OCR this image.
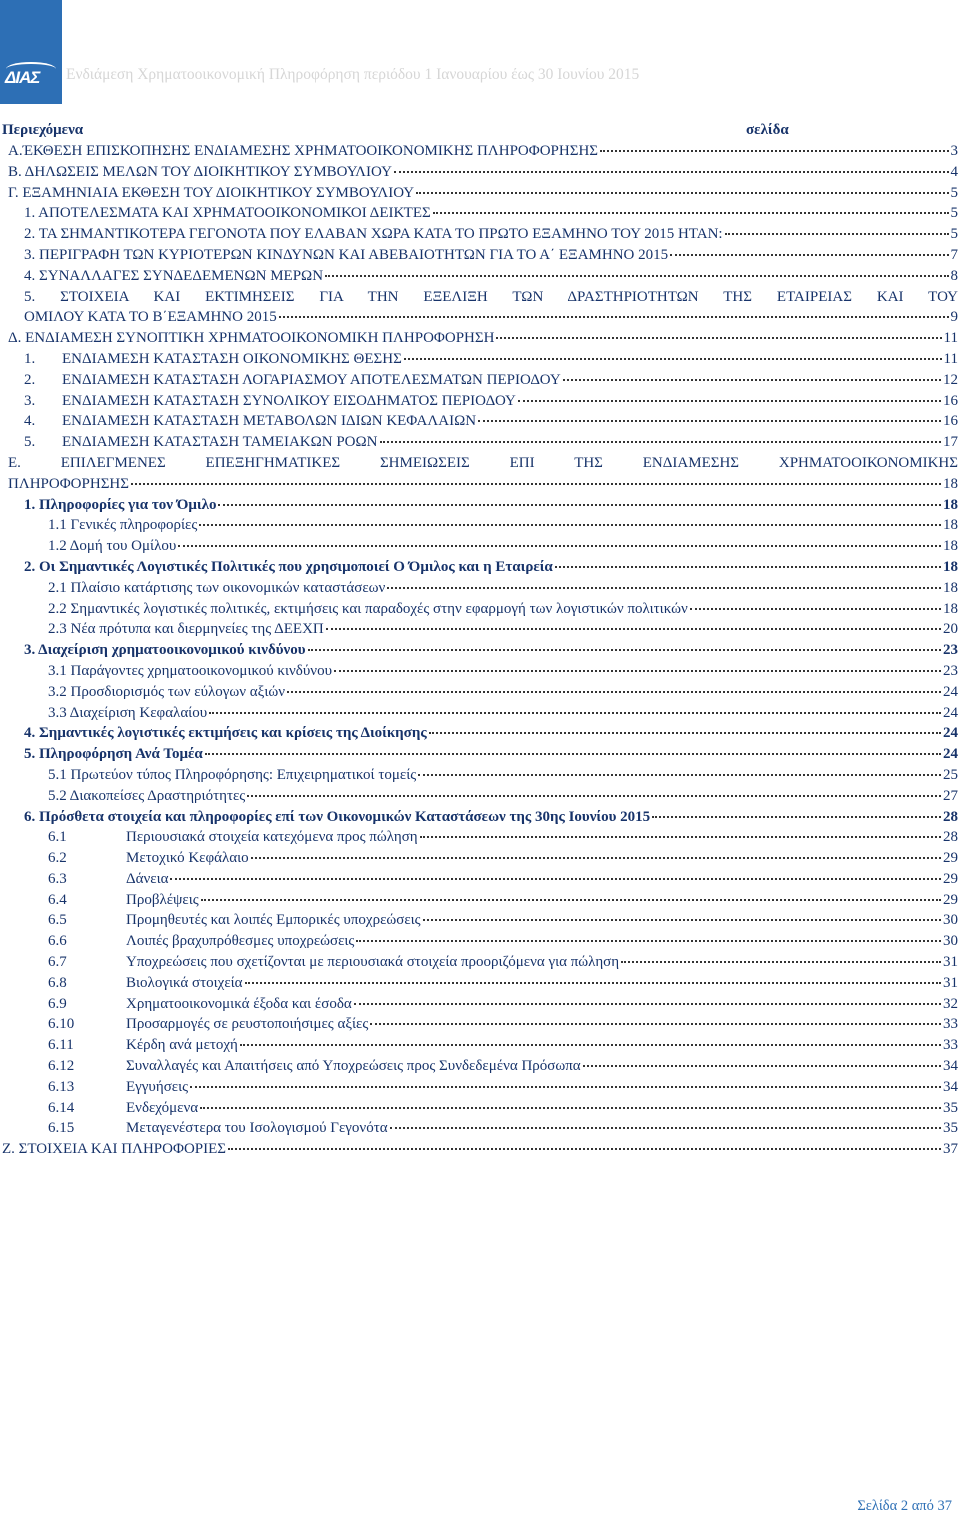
ΔΙΑΣ	Ενδιάμεση Χρηματοοικονομική Πληροφόρηση περιόδου 1 Ιανουαρίου έως 30 Ιουνίου 2015
Περιεχόμενα	σελίδα
Α.ΈΚΘΕΣΗ ΕΠΙΣΚΟΠΗΣΗΣ ΕΝΔΙΑΜΕΣΗΣ ΧΡΗΜΑΤΟΟΙΚΟΝΟΜΙΚΗΣ ΠΛΗΡΟΦΟΡΗΣΗΣ	3
Β. ΔΗΛΩΣΕΙΣ ΜΕΛΩΝ ΤΟΥ ΔΙΟΙΚΗΤΙΚΟΥ ΣΥΜΒΟΥΛΙΟΥ	4
Γ. ΕΞΑΜΗΝΙΑΙΑ ΕΚΘΕΣΗ ΤΟΥ ΔΙΟΙΚΗΤΙΚΟΥ ΣΥΜΒΟΥΛΙΟΥ	5
1. ΑΠΟΤΕΛΕΣΜΑΤΑ ΚΑΙ ΧΡΗΜΑΤΟΟΙΚΟΝΟΜΙΚΟΙ ΔΕΙΚΤΕΣ	5
2. ΤΑ ΣΗΜΑΝΤΙΚΟΤΕΡΑ ΓΕΓΟΝΟΤΑ ΠΟΥ ΕΛΑΒΑΝ ΧΩΡΑ ΚΑΤΑ ΤΟ ΠΡΩΤΟ ΕΞΑΜΗΝΟ ΤΟΥ 2015 ΗΤΑΝ:	5
3. ΠΕΡΙΓΡΑΦΗ ΤΩΝ ΚΥΡΙΟΤΕΡΩΝ ΚΙΝΔΥΝΩΝ ΚΑΙ ΑΒΕΒΑΙΟΤΗΤΩΝ ΓΙΑ ΤΟ Α΄ ΕΞΑΜΗΝΟ 2015	7
4. ΣΥΝΑΛΛΑΓΕΣ ΣΥΝΔΕΔΕΜΕΝΩΝ ΜΕΡΩΝ	8
5. ΣΤΟΙΧΕΙΑ ΚΑΙ ΕΚΤΙΜΗΣΕΙΣ ΓΙΑ ΤΗΝ ΕΞΕΛΙΞΗ ΤΩΝ ΔΡΑΣΤΗΡΙΟΤΗΤΩΝ ΤΗΣ ΕΤΑΙΡΕΙΑΣ ΚΑΙ ΤΟΥ
ΟΜΙΛΟΥ ΚΑΤΑ ΤΟ Β΄ΕΞΑΜΗΝΟ 2015	9
Δ. ΕΝΔΙΑΜΕΣΗ ΣΥΝΟΠΤΙΚΗ ΧΡΗΜΑΤΟΟΙΚΟΝΟΜΙΚΗ ΠΛΗΡΟΦΟΡΗΣΗ	11
1.	ΕΝΔΙΑΜΕΣΗ ΚΑΤΑΣΤΑΣΗ ΟΙΚΟΝΟΜΙΚΗΣ ΘΕΣΗΣ	11
2.	ΕΝΔΙΑΜΕΣΗ ΚΑΤΑΣΤΑΣΗ ΛΟΓΑΡΙΑΣΜΟΥ ΑΠΟΤΕΛΕΣΜΑΤΩΝ ΠΕΡΙΟΔΟΥ	12
3.	ΕΝΔΙΑΜΕΣΗ ΚΑΤΑΣΤΑΣΗ ΣΥΝΟΛΙΚΟΥ ΕΙΣΟΔΗΜΑΤΟΣ ΠΕΡΙΟΔΟΥ	16
4.	ΕΝΔΙΑΜΕΣΗ ΚΑΤΑΣΤΑΣΗ ΜΕΤΑΒΟΛΩΝ ΙΔΙΩΝ ΚΕΦΑΛΑΙΩΝ	16
5.	ΕΝΔΙΑΜΕΣΗ ΚΑΤΑΣΤΑΣΗ ΤΑΜΕΙΑΚΩΝ ΡΟΩΝ	17
Ε. ΕΠΙΛΕΓΜΕΝΕΣ ΕΠΕΞΗΓΗΜΑΤΙΚΕΣ ΣΗΜΕΙΩΣΕΙΣ ΕΠΙ ΤΗΣ ΕΝΔΙΑΜΕΣΗΣ ΧΡΗΜΑΤΟΟΙΚΟΝΟΜΙΚΗΣ
ΠΛΗΡΟΦΟΡΗΣΗΣ	18
1. Πληροφορίες για τον Όμιλο	18
1.1 Γενικές πληροφορίες	18
1.2 Δομή του Ομίλου	18
2. Οι Σημαντικές Λογιστικές Πολιτικές που χρησιμοποιεί Ο Όμιλος και η Εταιρεία	18
2.1 Πλαίσιο κατάρτισης των οικονομικών καταστάσεων	18
2.2 Σημαντικές λογιστικές πολιτικές, εκτιμήσεις και παραδοχές στην εφαρμογή των λογιστικών πολιτικών	18
2.3 Νέα πρότυπα και διερμηνείες της ΔΕΕΧΠ	20
3. Διαχείριση χρηματοοικονομικού κινδύνου	23
3.1 Παράγοντες χρηματοοικονομικού κινδύνου	23
3.2 Προσδιορισμός των εύλογων αξιών	24
3.3 Διαχείριση Κεφαλαίου	24
4. Σημαντικές λογιστικές εκτιμήσεις και κρίσεις της Διοίκησης	24
5. Πληροφόρηση Ανά Τομέα	24
5.1 Πρωτεύον τύπος Πληροφόρησης: Επιχειρηματικοί τομείς	25
5.2 Διακοπείσες Δραστηριότητες	27
6. Πρόσθετα στοιχεία και πληροφορίες επί των Οικονομικών Καταστάσεων της 30ης Ιουνίου 2015	28
6.1	Περιουσιακά στοιχεία κατεχόμενα προς πώληση	28
6.2	Μετοχικό Κεφάλαιο	29
6.3	Δάνεια	29
6.4	Προβλέψεις	29
6.5	Προμηθευτές και λοιπές Εμπορικές υποχρεώσεις	30
6.6	Λοιπές βραχυπρόθεσμες υποχρεώσεις	30
6.7	Υποχρεώσεις που σχετίζονται με περιουσιακά στοιχεία προοριζόμενα για πώληση	31
6.8	Βιολογικά στοιχεία	31
6.9	Χρηματοοικονομικά έξοδα και έσοδα	32
6.10	Προσαρμογές σε ρευστοποιήσιμες αξίες	33
6.11	Κέρδη ανά μετοχή	33
6.12	Συναλλαγές και Απαιτήσεις από Υποχρεώσεις προς Συνδεδεμένα Πρόσωπα	34
6.13	Εγγυήσεις	34
6.14	Ενδεχόμενα	35
6.15	Μεταγενέστερα του Ισολογισμού Γεγονότα	35
Ζ. ΣΤΟΙΧΕΙΑ ΚΑΙ ΠΛΗΡΟΦΟΡΙΕΣ	37
Σελίδα 2 από 37
